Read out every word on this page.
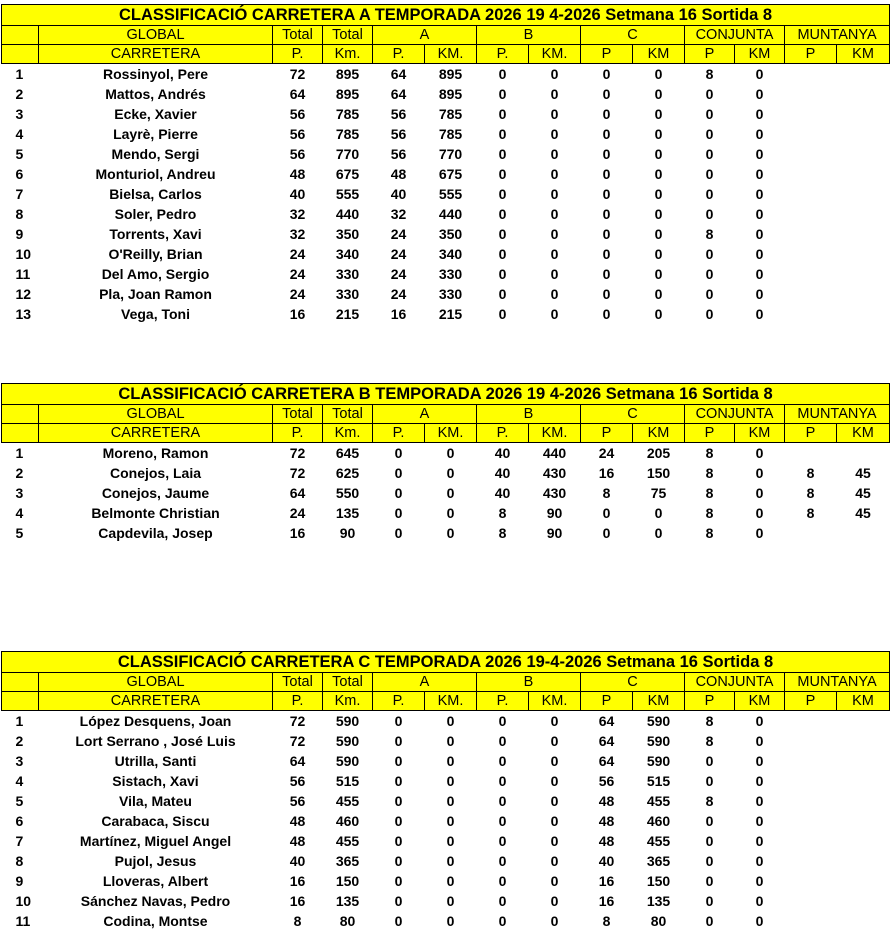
CLASSIFICACIÓ CARRETERA A TEMPORADA 2026 19 4-2026 Setmana 16 Sortida 8													
	GLOBAL	Total	Total	A		B		C		CONJUNTA		MUNTANYA	
	CARRETERA	P.	Km.	P.	KM.	P.	KM.	P	KM	P	KM	P	KM
1	Rossinyol, Pere	72	895	64	895	0	0	0	0	8	0		
2	Mattos, Andrés	64	895	64	895	0	0	0	0	0	0		
3	Ecke, Xavier	56	785	56	785	0	0	0	0	0	0		
4	Layrè, Pierre	56	785	56	785	0	0	0	0	0	0		
5	Mendo, Sergi	56	770	56	770	0	0	0	0	0	0		
6	Monturiol, Andreu	48	675	48	675	0	0	0	0	0	0		
7	Bielsa, Carlos	40	555	40	555	0	0	0	0	0	0		
8	Soler, Pedro	32	440	32	440	0	0	0	0	0	0		
9	Torrents, Xavi	32	350	24	350	0	0	0	0	8	0		
10	O'Reilly, Brian	24	340	24	340	0	0	0	0	0	0		
11	Del Amo, Sergio	24	330	24	330	0	0	0	0	0	0		
12	Pla, Joan Ramon	24	330	24	330	0	0	0	0	0	0		
13	Vega, Toni	16	215	16	215	0	0	0	0	0	0		
CLASSIFICACIÓ CARRETERA B TEMPORADA 2026 19 4-2026 Setmana 16 Sortida 8													
	GLOBAL	Total	Total	A		B		C		CONJUNTA		MUNTANYA	
	CARRETERA	P.	Km.	P.	KM.	P.	KM.	P	KM	P	KM	P	KM
1	Moreno, Ramon	72	645	0	0	40	440	24	205	8	0		
2	Conejos, Laia	72	625	0	0	40	430	16	150	8	0	8	45
3	Conejos, Jaume	64	550	0	0	40	430	8	75	8	0	8	45
4	Belmonte Christian	24	135	0	0	8	90	0	0	8	0	8	45
5	Capdevila, Josep	16	90	0	0	8	90	0	0	8	0		
CLASSIFICACIÓ CARRETERA C TEMPORADA 2026 19-4-2026 Setmana 16 Sortida 8													
	GLOBAL	Total	Total	A		B		C		CONJUNTA		MUNTANYA	
	CARRETERA	P.	Km.	P.	KM.	P.	KM.	P	KM	P	KM	P	KM
1	López Desquens, Joan	72	590	0	0	0	0	64	590	8	0		
2	Lort Serrano , José Luis	72	590	0	0	0	0	64	590	8	0		
3	Utrilla, Santi	64	590	0	0	0	0	64	590	0	0		
4	Sistach, Xavi	56	515	0	0	0	0	56	515	0	0		
5	Vila, Mateu	56	455	0	0	0	0	48	455	8	0		
6	Carabaca, Siscu	48	460	0	0	0	0	48	460	0	0		
7	Martínez, Miguel Angel	48	455	0	0	0	0	48	455	0	0		
8	Pujol, Jesus	40	365	0	0	0	0	40	365	0	0		
9	Lloveras, Albert	16	150	0	0	0	0	16	150	0	0		
10	Sánchez Navas, Pedro	16	135	0	0	0	0	16	135	0	0		
11	Codina, Montse	8	80	0	0	0	0	8	80	0	0		
